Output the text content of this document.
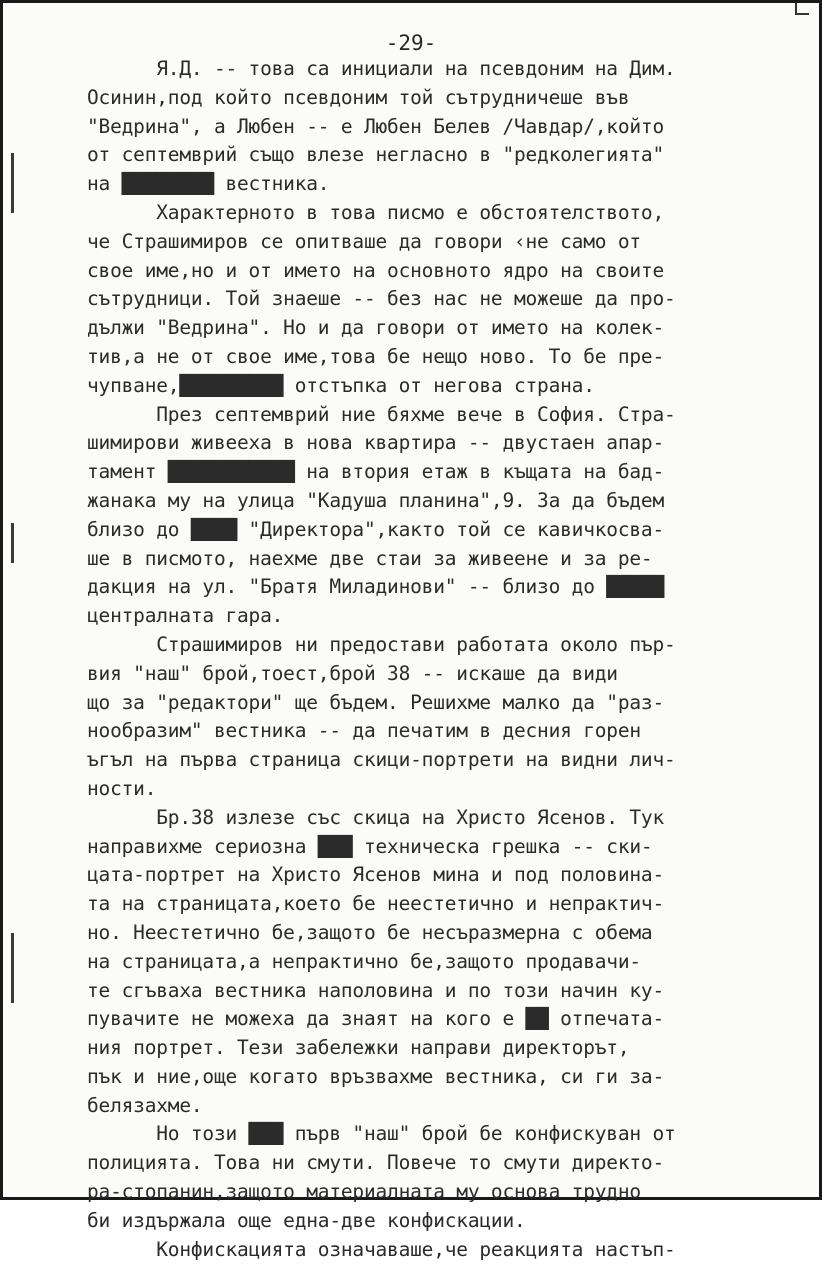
-29-
Я.Д. -- това са инициали на псевдоним на Дим.
Осинин,под който псевдоним той сътрудничеше във
"Ведрина", а Любен -- е Любен Белев /Чавдар/,който
от септемврий също влезе негласно в "редколегията"
на ████████ вестника.
Характерното в това писмо е обстоятелството,
че Страшимиров се опитваше да говори ‹не само от
свое име,но и от името на основното ядро на своите
сътрудници. Той знаеше -- без нас не можеше да про-
дължи "Ведрина". Но и да говори от името на колек-
тив,а не от свое име,това бе нещо ново. То бе пре-
чупване,█████████ отстъпка от негова страна.
През септемврий ние бяхме вече в София. Стра-
шимирови живееха в нова квартира -- двустаен апар-
тамент ███████████ на втория етаж в къщата на бад-
жанака му на улица "Кадуша планина",9. За да бъдем
близо до ████ "Директора",както той се кавичкосва-
ше в писмото, наехме две стаи за живеене и за ре-
дакция на ул. "Братя Миладинови" -- близо до █████
централната гара.
Страшимиров ни предостави работата около пър-
вия "наш" брой,тоест,брой 38 -- искаше да види
що за "редактори" ще бъдем. Решихме малко да "раз-
нообразим" вестника -- да печатим в десния горен
ъгъл на първа страница скици-портрети на видни лич-
ности.
Бр.38 излезе със скица на Христо Ясенов. Тук
направихме сериозна ███ техническа грешка -- ски-
цата-портрет на Христо Ясенов мина и под половина-
та на страницата,което бе неестетично и непрактич-
но. Неестетично бе,защото бе несъразмерна с обема
на страницата,а непрактично бе,защото продавачи-
те сгъваха вестника наполовина и по този начин ку-
пувачите не можеха да знаят на кого е ██ отпечата-
ния портрет. Тези забележки направи директорът,
пък и ние,още когато връзвахме вестника, си ги за-
белязахме.
Но този ███ първ "наш" брой бе конфискуван от
полицията. Това ни смути. Повече то смути директо-
ра-стопанин,защото материалната му основа трудно
би издържала още една-две конфискации.
Конфискацията означаваше,че реакцията настъп-
